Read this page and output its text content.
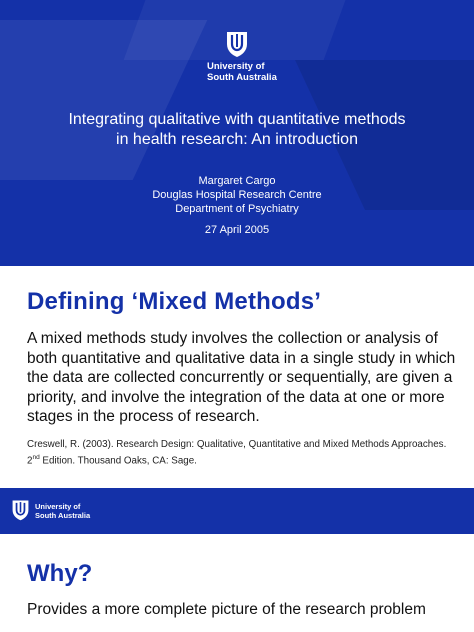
University of
South Australia
Integrating qualitative with quantitative methods
in health research: An introduction
Margaret Cargo
Douglas Hospital Research Centre
Department of Psychiatry
27 April 2005
Defining ‘Mixed Methods’

A mixed methods study involves the collection or analysis of both quantitative and qualitative data in a single study in which the data are collected concurrently or sequentially, are given a priority, and involve the integration of the data at one or more stages in the process of research.

Creswell, R. (2003). Research Design: Qualitative, Quantitative and Mixed Methods Approaches. 2nd Edition. Thousand Oaks, CA: Sage.

University of
South Australia
Why?

Provides a more complete picture of the research problem
